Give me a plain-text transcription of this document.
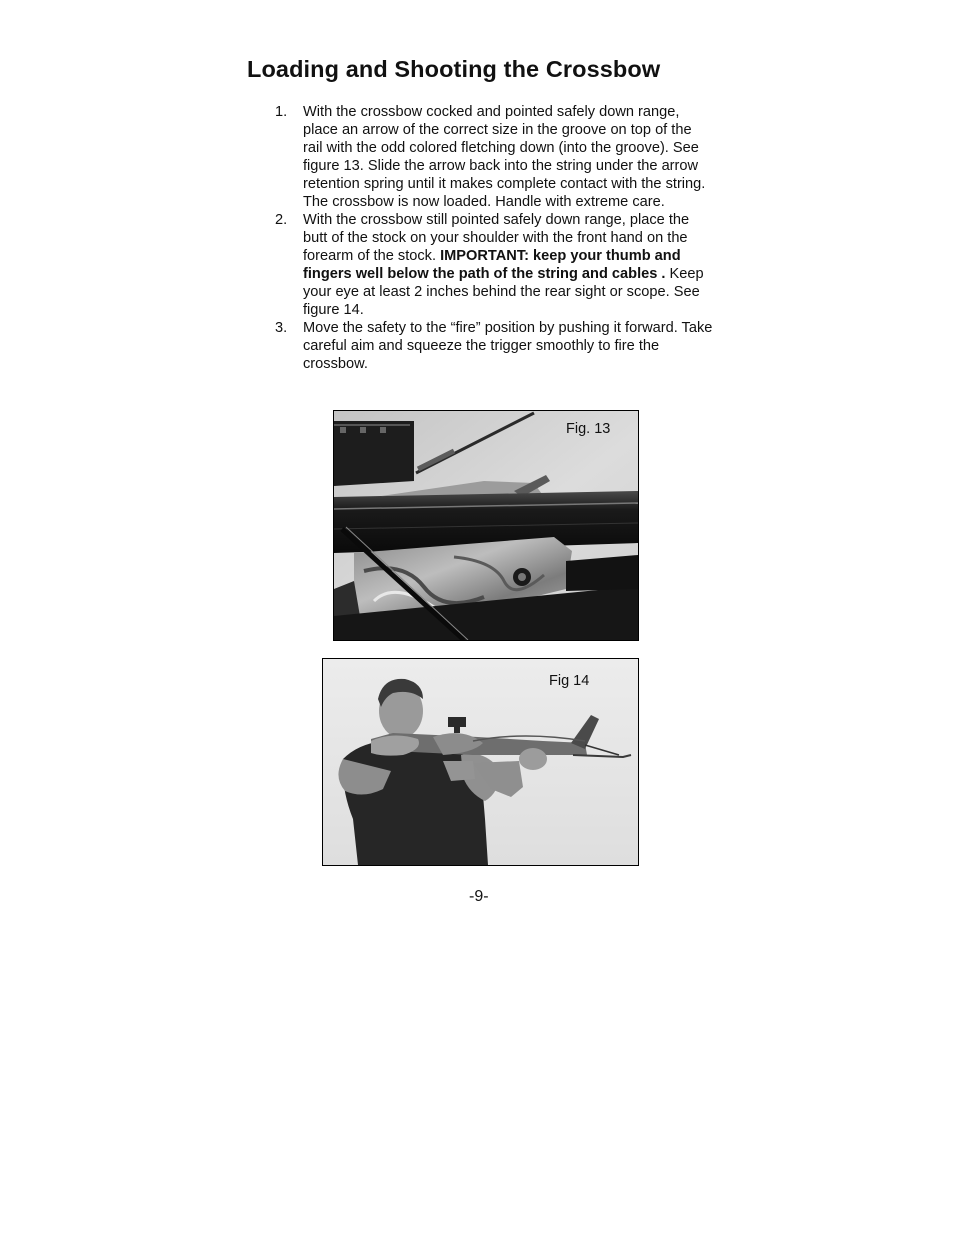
Loading and Shooting the Crossbow
1. With the crossbow cocked and pointed safely down range, place an arrow of the correct size in the groove on top of the rail with the odd colored fletching down (into the groove). See figure 13. Slide the arrow back into the string under the arrow retention spring until it makes complete contact with the string. The crossbow is now loaded. Handle with extreme care.
2. With the crossbow still pointed safely down range, place the butt of the stock on your shoulder with the front hand on the forearm of the stock. IMPORTANT: keep your thumb and fingers well below the path of the string and cables . Keep your eye at least 2 inches behind the rear sight or scope. See figure 14.
3. Move the safety to the “fire” position by pushing it forward. Take careful aim and squeeze the trigger smoothly to fire the crossbow.
Fig. 13
Fig 14
-9-
